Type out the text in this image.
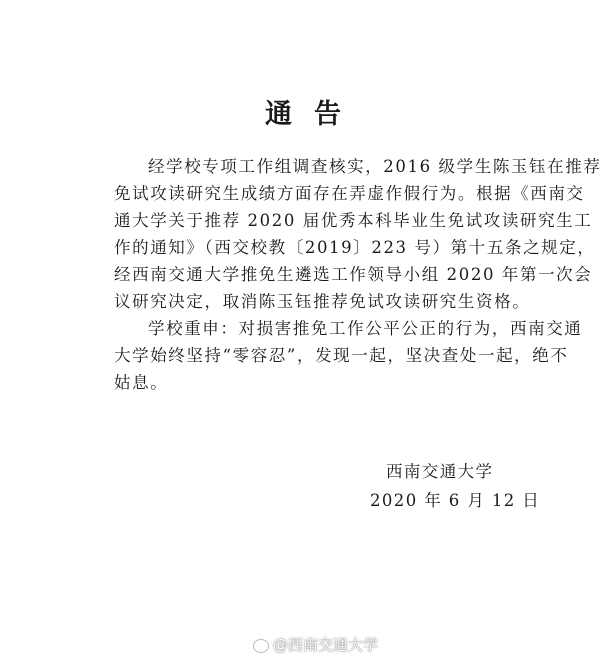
通告
经学校专项工作组调查核实，2016 级学生陈玉钰在推荐
免试攻读研究生成绩方面存在弄虚作假行为。根据《西南交
通大学关于推荐 2020 届优秀本科毕业生免试攻读研究生工
作的通知》（西交校教〔2019〕223 号）第十五条之规定，
经西南交通大学推免生遴选工作领导小组 2020 年第一次会
议研究决定，取消陈玉钰推荐免试攻读研究生资格。
学校重申：对损害推免工作公平公正的行为，西南交通
大学始终坚持“零容忍”，发现一起，坚决查处一起，绝不
姑息。
西南交通大学
2020 年 6 月 12 日
@西南交通大学
